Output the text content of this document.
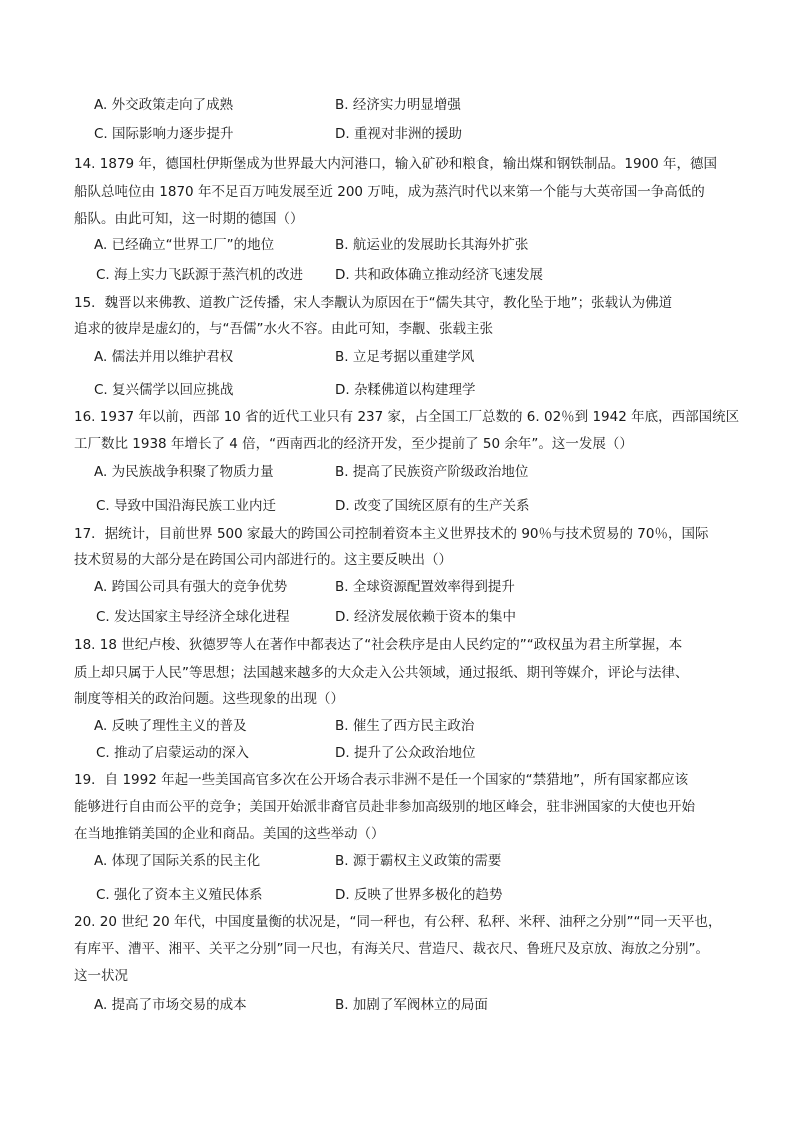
A. 外交政策走向了成熟	B. 经济实力明显增强
C. 国际影响力逐步提升	D. 重视对非洲的援助
14. 1879 年，德国杜伊斯堡成为世界最大内河港口，输入矿砂和粮食，输出煤和钢铁制品。1900 年，德国
船队总吨位由 1870 年不足百万吨发展至近 200 万吨，成为蒸汽时代以来第一个能与大英帝国一争高低的
船队。由此可知，这一时期的德国（）
A. 已经确立“世界工厂”的地位	B. 航运业的发展助长其海外扩张
C. 海上实力飞跃源于蒸汽机的改进 D. 共和政体确立推动经济飞速发展
15．魏晋以来佛教、道教广泛传播，宋人李觏认为原因在于“儒失其守，教化坠于地”；张载认为佛道
追求的彼岸是虚幻的，与“吾儒”水火不容。由此可知，李觏、张载主张
A. 儒法并用以维护君权	B. 立足考据以重建学风
C. 复兴儒学以回应挑战	D. 杂糅佛道以构建理学
16. 1937 年以前，西部 10 省的近代工业只有 237 家，占全国工厂总数的 6. 02％到 1942 年底，西部国统区
工厂数比 1938 年增长了 4 倍，“西南西北的经济开发，至少提前了 50 余年”。这一发展（）
A. 为民族战争积聚了物质力量	B. 提高了民族资产阶级政治地位
C. 导致中国沿海民族工业内迁	D. 改变了国统区原有的生产关系
17．据统计，目前世界 500 家最大的跨国公司控制着资本主义世界技术的 90％与技术贸易的 70％，国际
技术贸易的大部分是在跨国公司内部进行的。这主要反映出（）
A. 跨国公司具有强大的竞争优势	B. 全球资源配置效率得到提升
C. 发达国家主导经济全球化进程	D. 经济发展依赖于资本的集中
18. 18 世纪卢梭、狄德罗等人在著作中都表达了“社会秩序是由人民约定的”“政权虽为君主所掌握，本
质上却只属于人民”等思想；法国越来越多的大众走入公共领域，通过报纸、期刊等媒介，评论与法律、
制度等相关的政治问题。这些现象的出现（）
A. 反映了理性主义的普及	B. 催生了西方民主政治
C. 推动了启蒙运动的深入	D. 提升了公众政治地位
19．自 1992 年起一些美国高官多次在公开场合表示非洲不是任一个国家的“禁猎地”，所有国家都应该
能够进行自由而公平的竞争；美国开始派非裔官员赴非参加高级别的地区峰会，驻非洲国家的大使也开始
在当地推销美国的企业和商品。美国的这些举动（）
A. 体现了国际关系的民主化	B. 源于霸权主义政策的需要
C. 强化了资本主义殖民体系	D. 反映了世界多极化的趋势
20. 20 世纪 20 年代，中国度量衡的状况是，“同一秤也，有公秤、私秤、米秤、油秤之分别”“同一天平也，
有库平、漕平、湘平、关平之分别”同一尺也，有海关尺、营造尺、裁衣尺、鲁班尺及京放、海放之分别”。
这一状况
A. 提高了市场交易的成本	B. 加剧了军阀林立的局面
